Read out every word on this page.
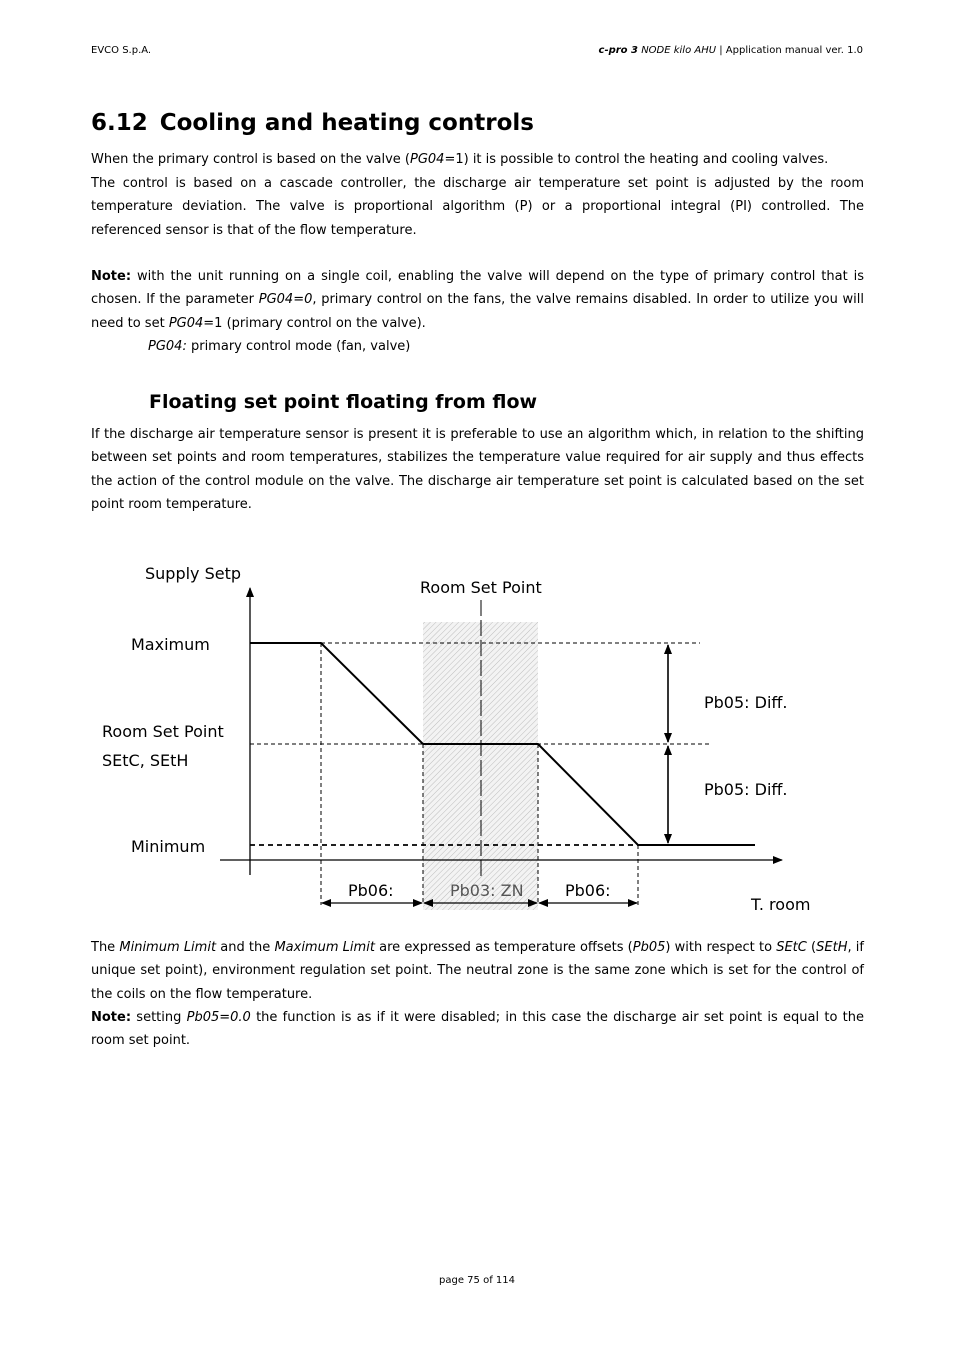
EVCO S.p.A.	c-pro 3 NODE kilo AHU | Application manual ver. 1.0
6.12 Cooling and heating controls

When the primary control is based on the valve (PG04=1) it is possible to control the heating and cooling valves.

The control is based on a cascade controller, the discharge air temperature set point is adjusted by the room temperature deviation. The valve is proportional algorithm (P) or a proportional integral (PI) controlled. The referenced sensor is that of the flow temperature.

Note: with the unit running on a single coil, enabling the valve will depend on the type of primary control that is chosen. If the parameter PG04=0, primary control on the fans, the valve remains disabled. In order to utilize you will need to set PG04=1 (primary control on the valve).

PG04: primary control mode (fan, valve)
Floating set point floating from flow

If the discharge air temperature sensor is present it is preferable to use an algorithm which, in relation to the shifting between set points and room temperatures, stabilizes the temperature value required for air supply and thus effects the action of the control module on the valve. The discharge air temperature set point is calculated based on the set point room temperature.

Supply Setp
Room Set Point
Maximum
Room Set Point
SEtC, SEtH
Minimum
Pb05: Diff.
Pb05: Diff.
Pb06:	Pb03: ZN	Pb06:
T. room

The Minimum Limit and the Maximum Limit are expressed as temperature offsets (Pb05) with respect to SEtC (SEtH, if unique set point), environment regulation set point. The neutral zone is the same zone which is set for the control of the coils on the flow temperature.

Note: setting Pb05=0.0 the function is as if it were disabled; in this case the discharge air set point is equal to the room set point.

page 75 of 114
